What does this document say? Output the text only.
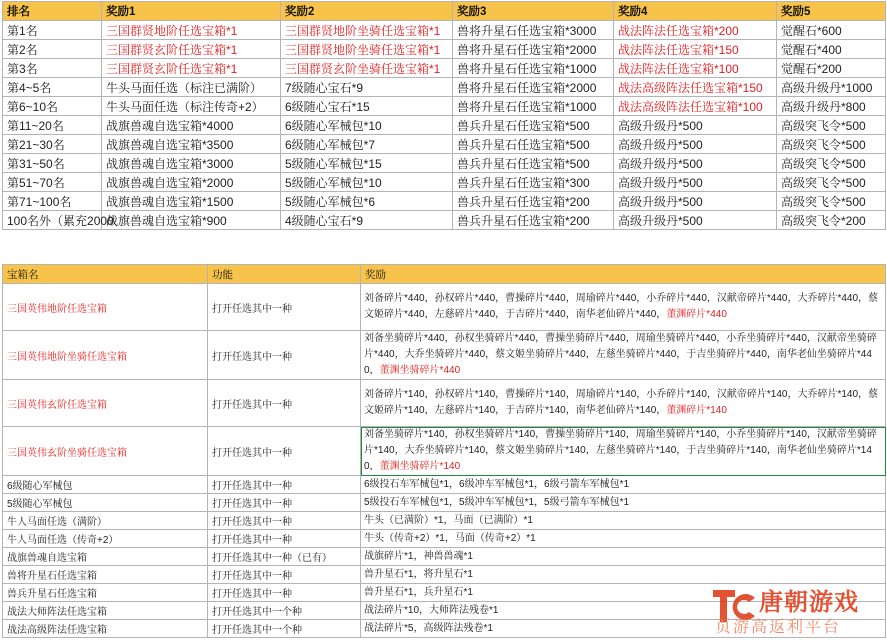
排名	奖励1	奖励2	奖励3	奖励4	奖励5
第1名	三国群贤地阶任选宝箱*1	三国群贤地阶坐骑任选宝箱*1	兽将升星石任选宝箱*3000	战法阵法任选宝箱*200	觉醒石*600
第2名	三国群贤玄阶任选宝箱*1	三国群贤地阶坐骑任选宝箱*1	兽将升星石任选宝箱*2000	战法阵法任选宝箱*150	觉醒石*400
第3名	三国群贤玄阶任选宝箱*1	三国群贤玄阶坐骑任选宝箱*1	兽将升星石任选宝箱*1000	战法阵法任选宝箱*100	觉醒石*200
第4~5名	牛头马面任选（标注已满阶）	7级随心宝石*9	兽将升星石任选宝箱*2000	战法高级阵法任选宝箱*150	高级升级丹*1000
第6~10名	牛头马面任选（标注传奇+2）	6级随心宝石*15	兽将升星石任选宝箱*1000	战法高级阵法任选宝箱*100	高级升级丹*800
第11~20名	战旗兽魂自选宝箱*4000	6级随心军械包*10	兽兵升星石任选宝箱*500	高级升级丹*500	高级突飞令*500
第21~30名	战旗兽魂自选宝箱*3500	6级随心军械包*7	兽兵升星石任选宝箱*500	高级升级丹*500	高级突飞令*500
第31~50名	战旗兽魂自选宝箱*3000	5级随心军械包*15	兽兵升星石任选宝箱*500	高级升级丹*500	高级突飞令*500
第51~70名	战旗兽魂自选宝箱*2000	5级随心军械包*10	兽兵升星石任选宝箱*300	高级升级丹*500	高级突飞令*500
第71~100名	战旗兽魂自选宝箱*1500	5级随心军械包*6	兽兵升星石任选宝箱*200	高级升级丹*500	高级突飞令*500
100名外（累充2000	战旗兽魂自选宝箱*900	4级随心宝石*9	兽兵升星石任选宝箱*200	高级升级丹*500	高级突飞令*200
宝箱名	功能	奖励
三国英伟地阶任选宝箱	打开任选其中一种	刘备碎片*440，孙权碎片*440，曹操碎片*440，周瑜碎片*440，小乔碎片*440，汉献帝碎片*440，大乔碎片*440，蔡文姬碎片*440，左慈碎片*440，于吉碎片*440，南华老仙碎片*440，董渊碎片*440
三国英伟地阶坐骑任选宝箱	打开任选其中一种	刘备坐骑碎片*440，孙权坐骑碎片*440，曹操坐骑碎片*440，周瑜坐骑碎片*440，小乔坐骑碎片*440，汉献帝坐骑碎片*440，大乔坐骑碎片*440，蔡文姬坐骑碎片*440，左慈坐骑碎片*440，于吉坐骑碎片*440，南华老仙坐骑碎片*440，董渊坐骑碎片*440
三国英伟玄阶任选宝箱	打开任选其中一种	刘备碎片*140，孙权碎片*140，曹操碎片*140，周瑜碎片*140，小乔碎片*140，汉献帝碎片*140，大乔碎片*140，蔡文姬碎片*140，左慈碎片*140，于吉碎片*140，南华老仙碎片*140，董渊碎片*140
三国英伟玄阶坐骑任选宝箱	打开任选其中一种	刘备坐骑碎片*140，孙权坐骑碎片*140，曹操坐骑碎片*140，周瑜坐骑碎片*140，小乔坐骑碎片*140，汉献帝坐骑碎片*140，大乔坐骑碎片*140，蔡文姬坐骑碎片*140，左慈坐骑碎片*140，于吉坐骑碎片*140，南华老仙坐骑碎片*140，董渊坐骑碎片*140
6级随心军械包	打开任选其中一种	6级投石车军械包*1，6级冲车军械包*1，6级弓箭车军械包*1
5级随心军械包	打开任选其中一种	5级投石车军械包*1，5级冲车军械包*1，5级弓箭车军械包*1
牛人马面任选（满阶）	打开任选其中一种	牛头（已满阶）*1，马面（已满阶）*1
牛人马面任选（传奇+2）	打开任选其中一种	牛头（传奇+2）*1，马面（传奇+2）*1
战旗兽魂自选宝箱	打开任选其中一种（已有）	战旗碎片*1，神兽兽魂*1
兽将升星石任选宝箱	打开任选其中一种	兽升星石*1，将升星石*1
兽兵升星石任选宝箱	打开任选其中一种	兽升星石*1，兵升星石*1
战法大师阵法任选宝箱	打开任选其中一个种	战法碎片*10，大师阵法残卷*1
战法高级阵法任选宝箱	打开任选其中一个种	战法碎片*5，高级阵法残卷*1
唐朝游戏
页游高返利平台
